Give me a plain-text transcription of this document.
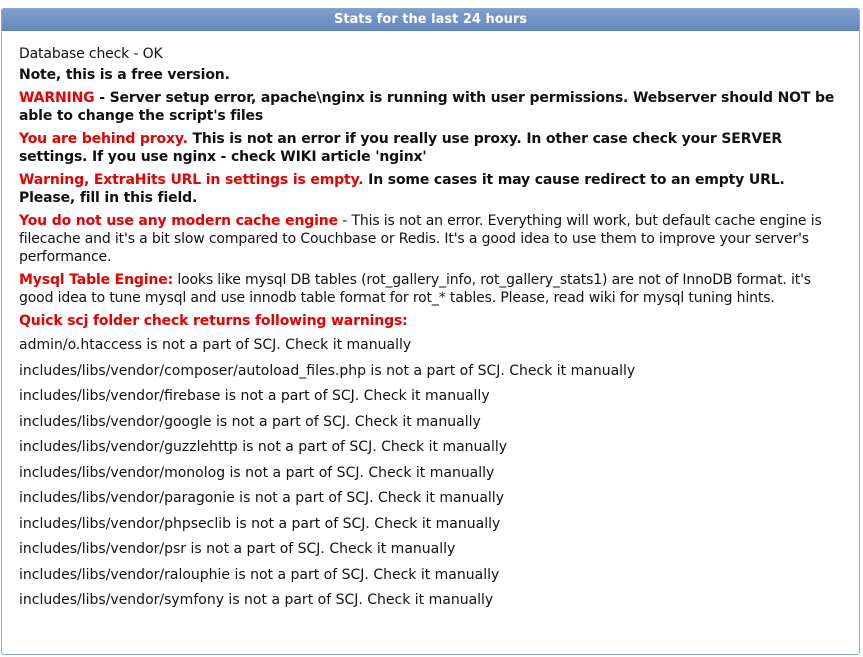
Stats for the last 24 hours
Database check - OK
Note, this is a free version.
WARNING - Server setup error, apache\nginx is running with user permissions. Webserver should NOT be able to change the script's files
You are behind proxy. This is not an error if you really use proxy. In other case check your SERVER settings. If you use nginx - check WIKI article 'nginx'
Warning, ExtraHits URL in settings is empty. In some cases it may cause redirect to an empty URL. Please, fill in this field.
You do not use any modern cache engine - This is not an error. Everything will work, but default cache engine is filecache and it's a bit slow compared to Couchbase or Redis. It's a good idea to use them to improve your server's performance.
Mysql Table Engine: looks like mysql DB tables (rot_gallery_info, rot_gallery_stats1) are not of InnoDB format. it's good idea to tune mysql and use innodb table format for rot_* tables. Please, read wiki for mysql tuning hints.
Quick scj folder check returns following warnings:
admin/o.htaccess is not a part of SCJ. Check it manually
includes/libs/vendor/composer/autoload_files.php is not a part of SCJ. Check it manually
includes/libs/vendor/firebase is not a part of SCJ. Check it manually
includes/libs/vendor/google is not a part of SCJ. Check it manually
includes/libs/vendor/guzzlehttp is not a part of SCJ. Check it manually
includes/libs/vendor/monolog is not a part of SCJ. Check it manually
includes/libs/vendor/paragonie is not a part of SCJ. Check it manually
includes/libs/vendor/phpseclib is not a part of SCJ. Check it manually
includes/libs/vendor/psr is not a part of SCJ. Check it manually
includes/libs/vendor/ralouphie is not a part of SCJ. Check it manually
includes/libs/vendor/symfony is not a part of SCJ. Check it manually
